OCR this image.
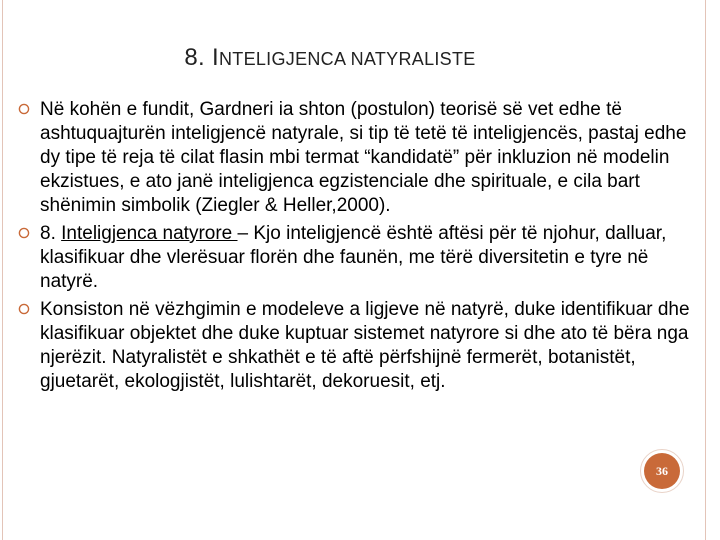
8. INTELIGJENCA NATYRALISTE
Në kohën e fundit, Gardneri ia shton (postulon) teorisë së vet edhe të ashtuquajturën inteligjencë natyrale, si tip të tetë të inteligjencës, pastaj edhe dy tipe të reja të cilat flasin mbi termat “kandidatë” për inkluzion në modelin ekzistues, e ato janë inteligjenca egzistenciale dhe spirituale, e cila bart shënimin simbolik (Ziegler & Heller,2000).
8. Inteligjenca natyrore – Kjo inteligjencë është aftësi për të njohur, dalluar, klasifikuar dhe vlerësuar florën dhe faunën, me tërë diversitetin e tyre në natyrë.
Konsiston në vëzhgimin e modeleve a ligjeve në natyrë, duke identifikuar dhe klasifikuar objektet dhe duke kuptuar sistemet natyrore si dhe ato të bëra nga njerëzit. Natyralistët e shkathët e të aftë përfshijnë fermerët, botanistët, gjuetarët, ekologjistët, lulishtarët, dekoruesit, etj.
36
